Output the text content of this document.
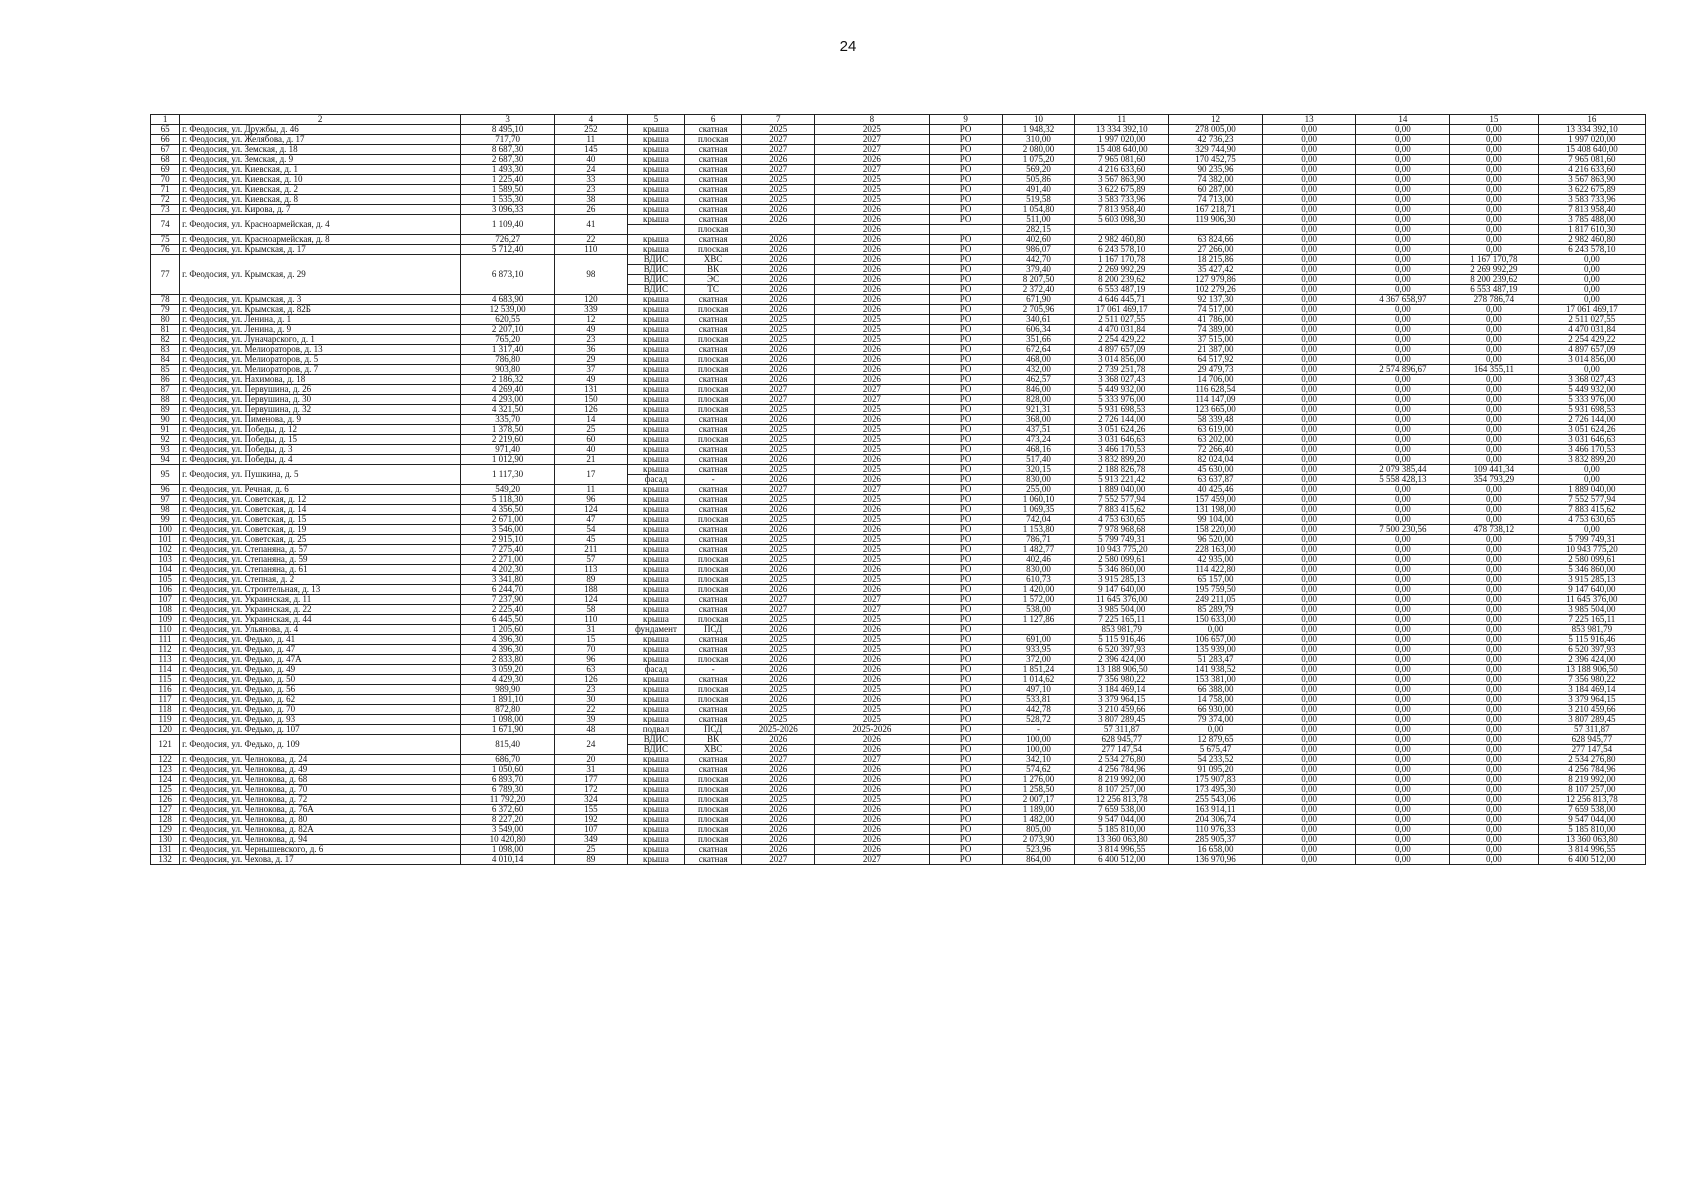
24
1	2	3	4	5	6	7	8	9	10	11	12	13	14	15	16
65	г. Феодосия, ул. Дружбы, д. 46	8 495,10	252	крыша	скатная	2025	2025	РО	1 948,32	13 334 392,10	278 005,00	0,00	0,00	0,00	13 334 392,10
66	г. Феодосия, ул. Желябова, д. 17	717,70	11	крыша	плоская	2027	2027	РО	310,00	1 997 020,00	42 736,23	0,00	0,00	0,00	1 997 020,00
67	г. Феодосия, ул. Земская, д. 18	8 687,30	145	крыша	скатная	2027	2027	РО	2 080,00	15 408 640,00	329 744,90	0,00	0,00	0,00	15 408 640,00
68	г. Феодосия, ул. Земская, д. 9	2 687,30	40	крыша	скатная	2026	2026	РО	1 075,20	7 965 081,60	170 452,75	0,00	0,00	0,00	7 965 081,60
69	г. Феодосия, ул. Киевская, д. 1	1 493,30	24	крыша	скатная	2027	2027	РО	569,20	4 216 633,60	90 235,96	0,00	0,00	0,00	4 216 633,60
70	г. Феодосия, ул. Киевская, д. 10	1 225,40	33	крыша	скатная	2025	2025	РО	505,86	3 567 863,90	74 382,00	0,00	0,00	0,00	3 567 863,90
71	г. Феодосия, ул. Киевская, д. 2	1 589,50	23	крыша	скатная	2025	2025	РО	491,40	3 622 675,89	60 287,00	0,00	0,00	0,00	3 622 675,89
72	г. Феодосия, ул. Киевская, д. 8	1 535,30	38	крыша	скатная	2025	2025	РО	519,58	3 583 733,96	74 713,00	0,00	0,00	0,00	3 583 733,96
73	г. Феодосия, ул. Кирова, д. 7	3 096,33	26	крыша	скатная	2026	2026	РО	1 054,80	7 813 958,40	167 218,71	0,00	0,00	0,00	7 813 958,40
74	г. Феодосия, ул. Красноармейская, д. 4	1 109,40	41	крыша	скатная	2026	2026	РО	511,00	5 603 098,30	119 906,30	0,00	0,00	0,00	3 785 488,00
					плоская		2026		282,15			0,00	0,00	0,00	1 817 610,30
75	г. Феодосия, ул. Красноармейская, д. 8	726,27	22	крыша	скатная	2026	2026	РО	402,60	2 982 460,80	63 824,66	0,00	0,00	0,00	2 982 460,80
76	г. Феодосия, ул. Крымская, д. 17	5 712,40	110	крыша	плоская	2026	2026	РО	986,07	6 243 578,10	27 266,00	0,00	0,00	0,00	6 243 578,10
77	г. Феодосия, ул. Крымская, д. 29	6 873,10	98	ВДИС	ХВС	2026	2026	РО	442,70	1 167 170,78	18 215,86	0,00	0,00	1 167 170,78	0,00
				ВДИС	ВК	2026	2026	РО	379,40	2 269 992,29	35 427,42	0,00	0,00	2 269 992,29	0,00
				ВДИС	ЭС	2026	2026	РО	8 207,50	8 200 239,62	127 979,86	0,00	0,00	8 200 239,62	0,00
				ВДИС	ТС	2026	2026	РО	2 372,40	6 553 487,19	102 279,26	0,00	0,00	6 553 487,19	0,00
78	г. Феодосия, ул. Крымская, д. 3	4 683,90	120	крыша	скатная	2026	2026	РО	671,90	4 646 445,71	92 137,30	0,00	4 367 658,97	278 786,74	0,00
79	г. Феодосия, ул. Крымская, д. 82Б	12 539,00	339	крыша	плоская	2026	2026	РО	2 705,96	17 061 469,17	74 517,00	0,00	0,00	0,00	17 061 469,17
80	г. Феодосия, ул. Ленина, д. 1	620,55	12	крыша	скатная	2025	2025	РО	340,61	2 511 027,55	41 786,00	0,00	0,00	0,00	2 511 027,55
81	г. Феодосия, ул. Ленина, д. 9	2 207,10	49	крыша	скатная	2025	2025	РО	606,34	4 470 031,84	74 389,00	0,00	0,00	0,00	4 470 031,84
82	г. Феодосия, ул. Луначарского, д. 1	765,20	23	крыша	плоская	2025	2025	РО	351,66	2 254 429,22	37 515,00	0,00	0,00	0,00	2 254 429,22
83	г. Феодосия, ул. Мелиораторов, д. 13	1 317,40	36	крыша	скатная	2026	2026	РО	672,64	4 897 657,09	21 387,00	0,00	0,00	0,00	4 897 657,09
84	г. Феодосия, ул. Мелиораторов, д. 5	786,80	29	крыша	плоская	2026	2026	РО	468,00	3 014 856,00	64 517,92	0,00	0,00	0,00	3 014 856,00
85	г. Феодосия, ул. Мелиораторов, д. 7	903,80	37	крыша	плоская	2026	2026	РО	432,00	2 739 251,78	29 479,73	0,00	2 574 896,67	164 355,11	0,00
86	г. Феодосия, ул. Нахимова, д. 18	2 186,32	49	крыша	скатная	2026	2026	РО	462,57	3 368 027,43	14 706,00	0,00	0,00	0,00	3 368 027,43
87	г. Феодосия, ул. Первушина, д. 26	4 269,40	131	крыша	плоская	2027	2027	РО	846,00	5 449 932,00	116 628,54	0,00	0,00	0,00	5 449 932,00
88	г. Феодосия, ул. Первушина, д. 30	4 293,00	150	крыша	плоская	2027	2027	РО	828,00	5 333 976,00	114 147,09	0,00	0,00	0,00	5 333 976,00
89	г. Феодосия, ул. Первушина, д. 32	4 321,50	126	крыша	плоская	2025	2025	РО	921,31	5 931 698,53	123 665,00	0,00	0,00	0,00	5 931 698,53
90	г. Феодосия, ул. Пименова, д. 9	335,70	14	крыша	скатная	2026	2026	РО	368,00	2 726 144,00	58 339,48	0,00	0,00	0,00	2 726 144,00
91	г. Феодосия, ул. Победы, д. 12	1 378,50	25	крыша	скатная	2025	2025	РО	437,51	3 051 624,26	63 619,00	0,00	0,00	0,00	3 051 624,26
92	г. Феодосия, ул. Победы, д. 15	2 219,60	60	крыша	плоская	2025	2025	РО	473,24	3 031 646,63	63 202,00	0,00	0,00	0,00	3 031 646,63
93	г. Феодосия, ул. Победы, д. 3	971,40	40	крыша	скатная	2025	2025	РО	468,16	3 466 170,53	72 266,40	0,00	0,00	0,00	3 466 170,53
94	г. Феодосия, ул. Победы, д. 4	1 012,90	21	крыша	скатная	2026	2026	РО	517,40	3 832 899,20	82 024,04	0,00	0,00	0,00	3 832 899,20
95	г. Феодосия, ул. Пушкина, д. 5	1 117,30	17	крыша	скатная	2025	2025	РО	320,15	2 188 826,78	45 630,00	0,00	2 079 385,44	109 441,34	0,00
				фасад	-	2026	2026	РО	830,00	5 913 221,42	63 637,87	0,00	5 558 428,13	354 793,29	0,00
96	г. Феодосия, ул. Речная, д. 6	549,20	11	крыша	скатная	2027	2027	РО	255,00	1 889 040,00	40 425,46	0,00	0,00	0,00	1 889 040,00
97	г. Феодосия, ул. Советская, д. 12	5 118,30	96	крыша	скатная	2025	2025	РО	1 060,10	7 552 577,94	157 459,00	0,00	0,00	0,00	7 552 577,94
98	г. Феодосия, ул. Советская, д. 14	4 356,50	124	крыша	скатная	2026	2026	РО	1 069,35	7 883 415,62	131 198,00	0,00	0,00	0,00	7 883 415,62
99	г. Феодосия, ул. Советская, д. 15	2 671,00	47	крыша	плоская	2025	2025	РО	742,04	4 753 630,65	99 104,00	0,00	0,00	0,00	4 753 630,65
100	г. Феодосия, ул. Советская, д. 19	3 546,00	54	крыша	скатная	2026	2026	РО	1 153,80	7 978 968,68	158 220,00	0,00	7 500 230,56	478 738,12	0,00
101	г. Феодосия, ул. Советская, д. 25	2 915,10	45	крыша	скатная	2025	2025	РО	786,71	5 799 749,31	96 520,00	0,00	0,00	0,00	5 799 749,31
102	г. Феодосия, ул. Степаняна, д. 57	7 275,40	211	крыша	скатная	2025	2025	РО	1 482,77	10 943 775,20	228 163,00	0,00	0,00	0,00	10 943 775,20
103	г. Феодосия, ул. Степаняна, д. 59	2 271,00	57	крыша	плоская	2025	2025	РО	402,46	2 580 099,61	42 935,00	0,00	0,00	0,00	2 580 099,61
104	г. Феодосия, ул. Степаняна, д. 61	4 202,30	113	крыша	плоская	2026	2026	РО	830,00	5 346 860,00	114 422,80	0,00	0,00	0,00	5 346 860,00
105	г. Феодосия, ул. Степная, д. 2	3 341,80	89	крыша	плоская	2025	2025	РО	610,73	3 915 285,13	65 157,00	0,00	0,00	0,00	3 915 285,13
106	г. Феодосия, ул. Строительная, д. 13	6 244,70	188	крыша	плоская	2026	2026	РО	1 420,00	9 147 640,00	195 759,50	0,00	0,00	0,00	9 147 640,00
107	г. Феодосия, ул. Украинская, д. 11	7 237,90	124	крыша	скатная	2027	2027	РО	1 572,00	11 645 376,00	249 211,05	0,00	0,00	0,00	11 645 376,00
108	г. Феодосия, ул. Украинская, д. 22	2 225,40	58	крыша	скатная	2027	2027	РО	538,00	3 985 504,00	85 289,79	0,00	0,00	0,00	3 985 504,00
109	г. Феодосия, ул. Украинская, д. 44	6 445,50	110	крыша	плоская	2025	2025	РО	1 127,86	7 225 165,11	150 633,00	0,00	0,00	0,00	7 225 165,11
110	г. Феодосия, ул. Ульянова, д. 4	1 205,60	31	фундамент	ПСД	2026	2026	РО		853 981,79	0,00	0,00	0,00	0,00	853 981,79
111	г. Феодосия, ул. Федько, д. 41	4 396,30	15	крыша	скатная	2025	2025	РО	691,00	5 115 916,46	106 657,00	0,00	0,00	0,00	5 115 916,46
112	г. Феодосия, ул. Федько, д. 47	4 396,30	70	крыша	скатная	2025	2025	РО	933,95	6 520 397,93	135 939,00	0,00	0,00	0,00	6 520 397,93
113	г. Феодосия, ул. Федько, д. 47А	2 833,80	96	крыша	плоская	2026	2026	РО	372,00	2 396 424,00	51 283,47	0,00	0,00	0,00	2 396 424,00
114	г. Феодосия, ул. Федько, д. 49	3 059,20	63	фасад	-	2026	2026	РО	1 851,24	13 188 906,50	141 938,52	0,00	0,00	0,00	13 188 906,50
115	г. Феодосия, ул. Федько, д. 50	4 429,30	126	крыша	скатная	2026	2026	РО	1 014,62	7 356 980,22	153 381,00	0,00	0,00	0,00	7 356 980,22
116	г. Феодосия, ул. Федько, д. 56	989,90	23	крыша	плоская	2025	2025	РО	497,10	3 184 469,14	66 388,00	0,00	0,00	0,00	3 184 469,14
117	г. Феодосия, ул. Федько, д. 62	1 891,10	30	крыша	плоская	2026	2026	РО	533,81	3 379 964,15	14 758,00	0,00	0,00	0,00	3 379 964,15
118	г. Феодосия, ул. Федько, д. 70	872,80	22	крыша	скатная	2025	2025	РО	442,78	3 210 459,66	66 930,00	0,00	0,00	0,00	3 210 459,66
119	г. Феодосия, ул. Федько, д. 93	1 098,00	39	крыша	скатная	2025	2025	РО	528,72	3 807 289,45	79 374,00	0,00	0,00	0,00	3 807 289,45
120	г. Феодосия, ул. Федько, д. 107	1 671,90	48	подвал	ПСД	2025-2026	2025-2026	РО	-	57 311,87	0,00	0,00	0,00	0,00	57 311,87
121	г. Феодосия, ул. Федько, д. 109	815,40	24	ВДИС	ВК	2026	2026	РО	100,00	628 945,77	12 879,65	0,00	0,00	0,00	628 945,77
				ВДИС	ХВС	2026	2026	РО	100,00	277 147,54	5 675,47	0,00	0,00	0,00	277 147,54
122	г. Феодосия, ул. Челнокова, д. 24	686,70	20	крыша	скатная	2027	2027	РО	342,10	2 534 276,80	54 233,52	0,00	0,00	0,00	2 534 276,80
123	г. Феодосия, ул. Челнокова, д. 49	1 050,60	31	крыша	скатная	2026	2026	РО	574,62	4 256 784,96	91 095,20	0,00	0,00	0,00	4 256 784,96
124	г. Феодосия, ул. Челнокова, д. 68	6 893,70	177	крыша	плоская	2026	2026	РО	1 276,00	8 219 992,00	175 907,83	0,00	0,00	0,00	8 219 992,00
125	г. Феодосия, ул. Челнокова, д. 70	6 789,30	172	крыша	плоская	2026	2026	РО	1 258,50	8 107 257,00	173 495,30	0,00	0,00	0,00	8 107 257,00
126	г. Феодосия, ул. Челнокова, д. 72	11 792,20	324	крыша	плоская	2025	2025	РО	2 007,17	12 256 813,78	255 543,06	0,00	0,00	0,00	12 256 813,78
127	г. Феодосия, ул. Челнокова, д. 76А	6 372,60	155	крыша	плоская	2026	2026	РО	1 189,00	7 659 538,00	163 914,11	0,00	0,00	0,00	7 659 538,00
128	г. Феодосия, ул. Челнокова, д. 80	8 227,20	192	крыша	плоская	2026	2026	РО	1 482,00	9 547 044,00	204 306,74	0,00	0,00	0,00	9 547 044,00
129	г. Феодосия, ул. Челнокова, д. 82А	3 549,00	107	крыша	плоская	2026	2026	РО	805,00	5 185 810,00	110 976,33	0,00	0,00	0,00	5 185 810,00
130	г. Феодосия, ул. Челнокова, д. 94	10 420,80	349	крыша	плоская	2026	2026	РО	2 073,90	13 360 063,80	285 905,37	0,00	0,00	0,00	13 360 063,80
131	г. Феодосия, ул. Чернышевского, д. 6	1 098,00	25	крыша	скатная	2026	2026	РО	523,96	3 814 996,55	16 658,00	0,00	0,00	0,00	3 814 996,55
132	г. Феодосия, ул. Чехова, д. 17	4 010,14	89	крыша	скатная	2027	2027	РО	864,00	6 400 512,00	136 970,96	0,00	0,00	0,00	6 400 512,00
